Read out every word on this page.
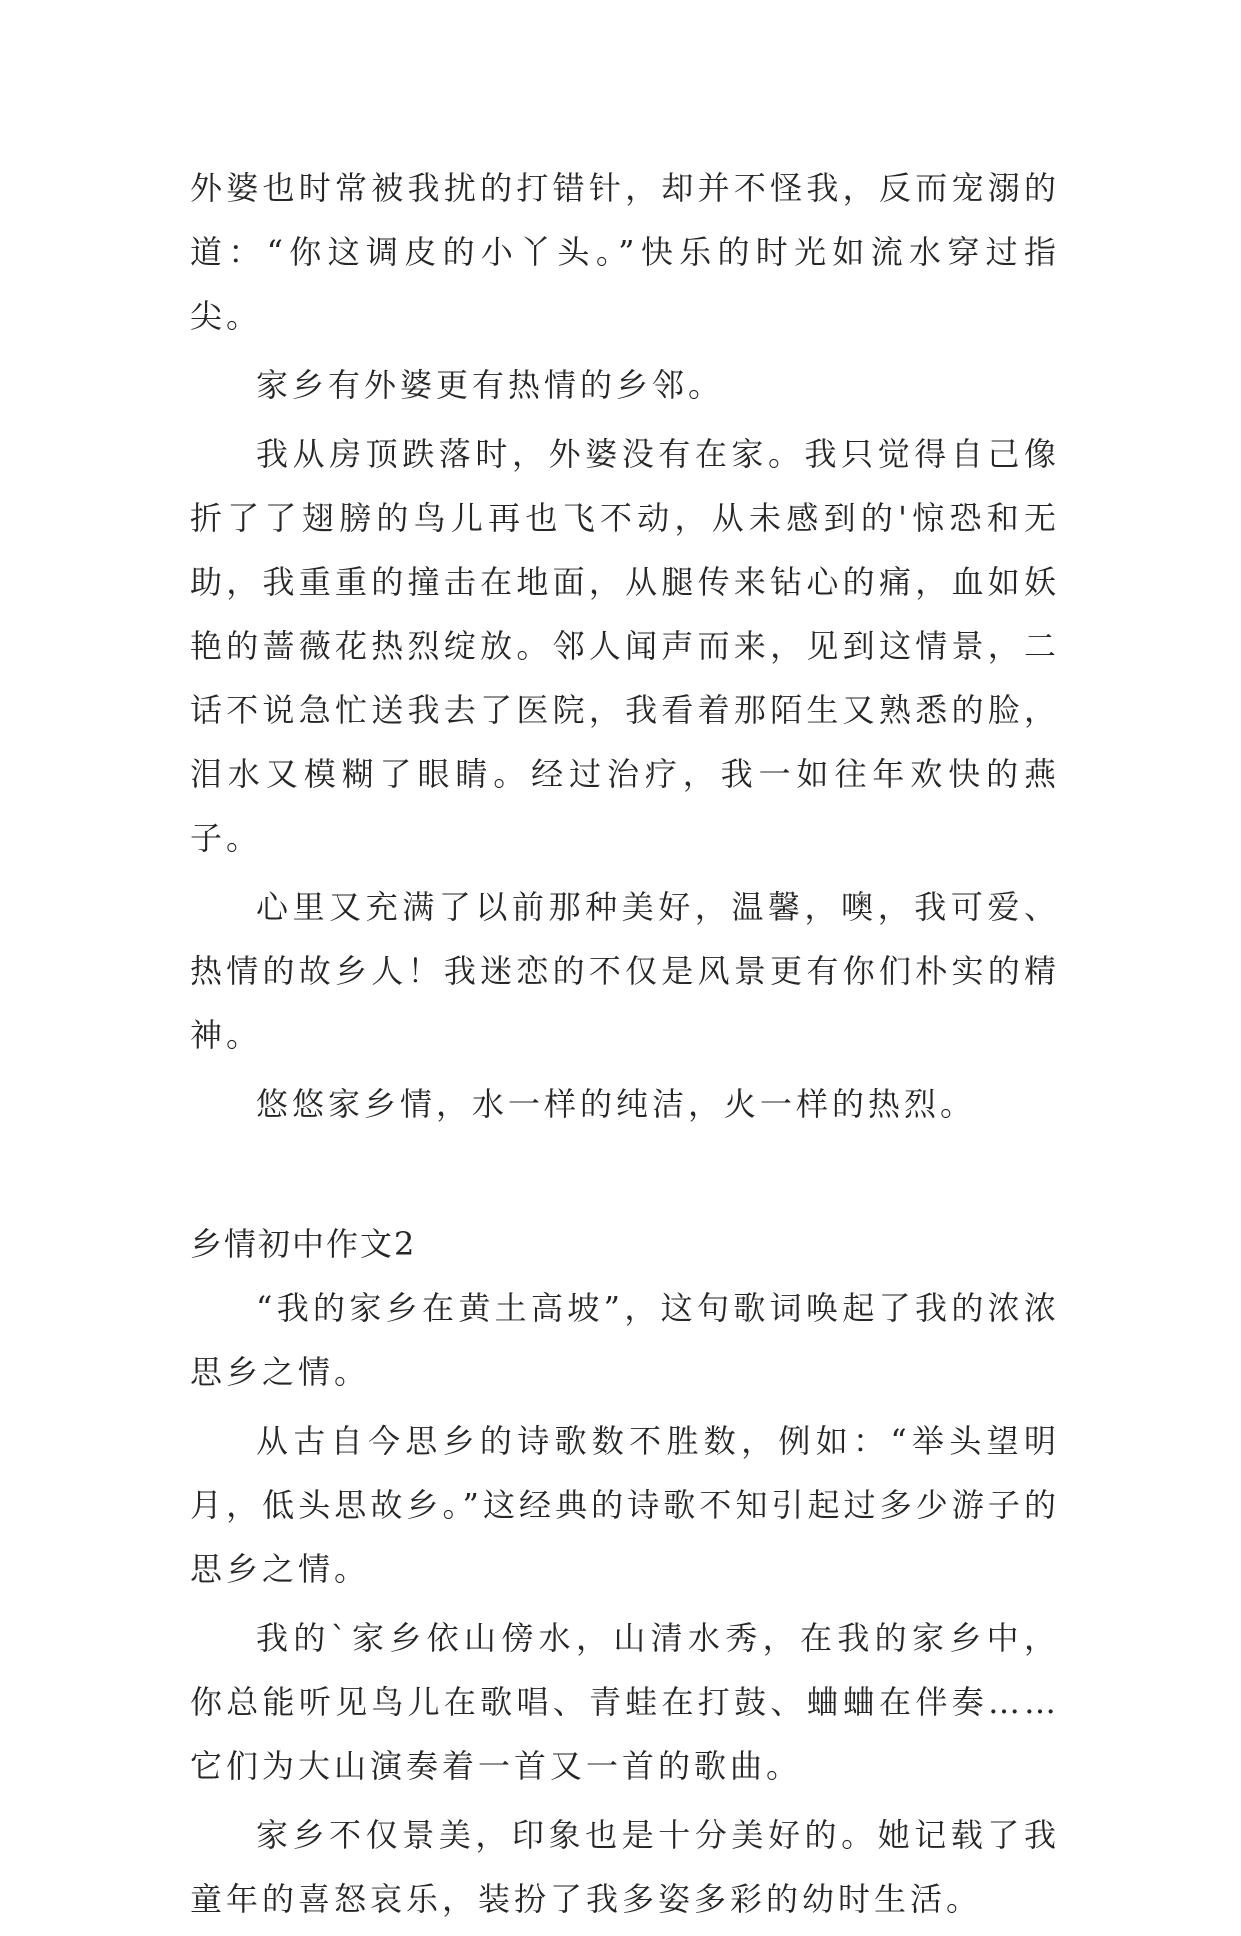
外婆也时常被我扰的打错针，却并不怪我，反而宠溺的道：“你这调皮的小丫头。”快乐的时光如流水穿过指尖。

家乡有外婆更有热情的乡邻。

我从房顶跌落时，外婆没有在家。我只觉得自己像折了了翅膀的鸟儿再也飞不动，从未感到的'惊恐和无助，我重重的撞击在地面，从腿传来钻心的痛，血如妖艳的蔷薇花热烈绽放。邻人闻声而来，见到这情景，二话不说急忙送我去了医院，我看着那陌生又熟悉的脸，泪水又模糊了眼睛。经过治疗，我一如往年欢快的燕子。

心里又充满了以前那种美好，温馨，噢，我可爱、热情的故乡人！我迷恋的不仅是风景更有你们朴实的精神。

悠悠家乡情，水一样的纯洁，火一样的热烈。

乡情初中作文2

“我的家乡在黄土高坡”，这句歌词唤起了我的浓浓思乡之情。

从古自今思乡的诗歌数不胜数，例如：“举头望明月，低头思故乡。”这经典的诗歌不知引起过多少游子的思乡之情。

我的`家乡依山傍水，山清水秀，在我的家乡中，你总能听见鸟儿在歌唱、青蛙在打鼓、蛐蛐在伴奏……它们为大山演奏着一首又一首的歌曲。

家乡不仅景美，印象也是十分美好的。她记载了我童年的喜怒哀乐，装扮了我多姿多彩的幼时生活。
